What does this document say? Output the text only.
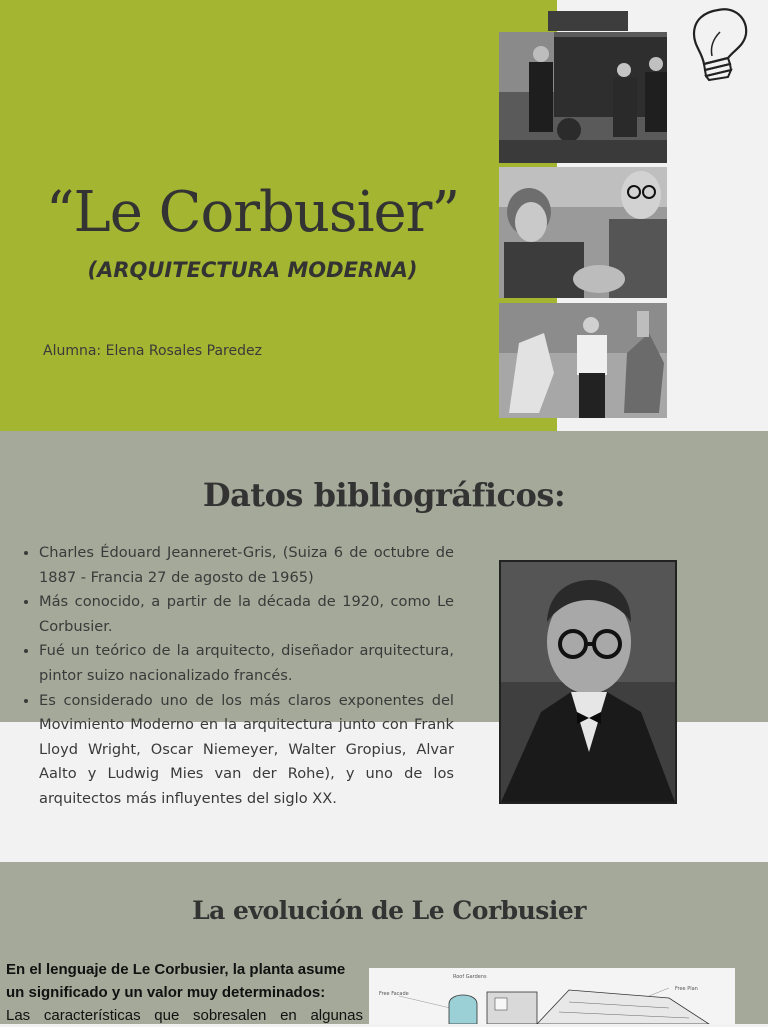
“Le Corbusier”
(ARQUITECTURA MODERNA)
Alumna: Elena Rosales Paredez
Datos bibliográficos:
• Charles Édouard Jeanneret-Gris, (Suiza 6 de octubre de 1887 - Francia 27 de agosto de 1965)
• Más conocido, a partir de la década de 1920, como Le Corbusier.
• Fué un teórico de la arquitecto, diseñador arquitectura, pintor suizo nacionalizado francés.
• Es considerado uno de los más claros exponentes del Movimiento Moderno en la arquitectura junto con Frank Lloyd Wright, Oscar Niemeyer, Walter Gropius, Alvar Aalto y Ludwig Mies van der Rohe), y uno de los arquitectos más influyentes del siglo XX.
La evolución de Le Corbusier
En el lenguaje de Le Corbusier, la planta asume un significado y un valor muy determinados:
Las características que sobresalen en algunas
Roof Gardens
Free Facade
Free Plan
